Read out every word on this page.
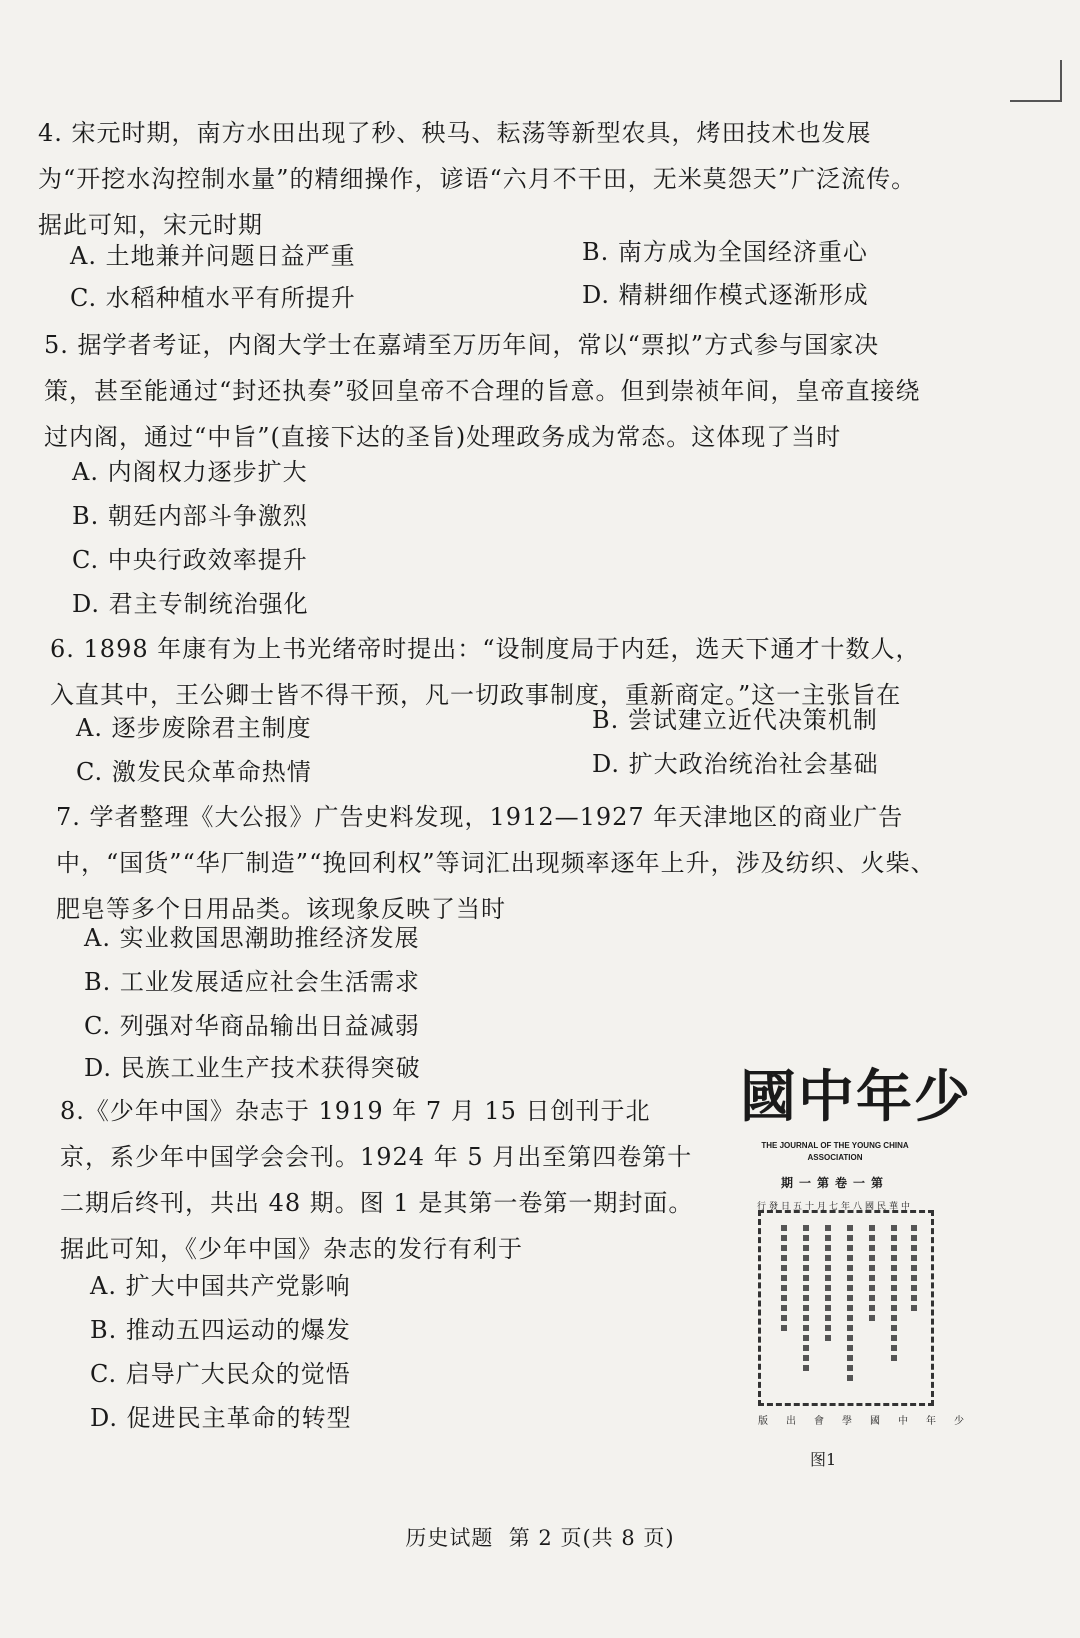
4. 宋元时期，南方水田出现了秒、秧马、耘荡等新型农具，烤田技术也发展为“开挖水沟控制水量”的精细操作，谚语“六月不干田，无米莫怨天”广泛流传。据此可知，宋元时期
A. 土地兼并问题日益严重	B. 南方成为全国经济重心
C. 水稻种植水平有所提升	D. 精耕细作模式逐渐形成
5. 据学者考证，内阁大学士在嘉靖至万历年间，常以“票拟”方式参与国家决策，甚至能通过“封还执奏”驳回皇帝不合理的旨意。但到崇祯年间，皇帝直接绕过内阁，通过“中旨”(直接下达的圣旨)处理政务成为常态。这体现了当时
A. 内阁权力逐步扩大
B. 朝廷内部斗争激烈
C. 中央行政效率提升
D. 君主专制统治强化
6. 1898 年康有为上书光绪帝时提出：“设制度局于内廷，选天下通才十数人，入直其中，王公卿士皆不得干预，凡一切政事制度，重新商定。”这一主张旨在
A. 逐步废除君主制度	B. 尝试建立近代决策机制
C. 激发民众革命热情	D. 扩大政治统治社会基础
7. 学者整理《大公报》广告史料发现，1912—1927 年天津地区的商业广告中，“国货”“华厂制造”“挽回利权”等词汇出现频率逐年上升，涉及纺织、火柴、肥皂等多个日用品类。该现象反映了当时
A. 实业救国思潮助推经济发展
B. 工业发展适应社会生活需求
C. 列强对华商品输出日益减弱
D. 民族工业生产技术获得突破
8.《少年中国》杂志于 1919 年 7 月 15 日创刊于北京，系少年中国学会会刊。1924 年 5 月出至第四卷第十二期后终刊，共出 48 期。图 1 是其第一卷第一期封面。据此可知，《少年中国》杂志的发行有利于
A. 扩大中国共产党影响
B. 推动五四运动的爆发
C. 启导广大民众的觉悟
D. 促进民主革命的转型
國中年少
THE JOURNAL OF THE YOUNG CHINA ASSOCIATION
期一第卷一第
行發日五十月七年八國民華中
版出會學國中年少
图1
历史试题  第 2 页(共 8 页)
